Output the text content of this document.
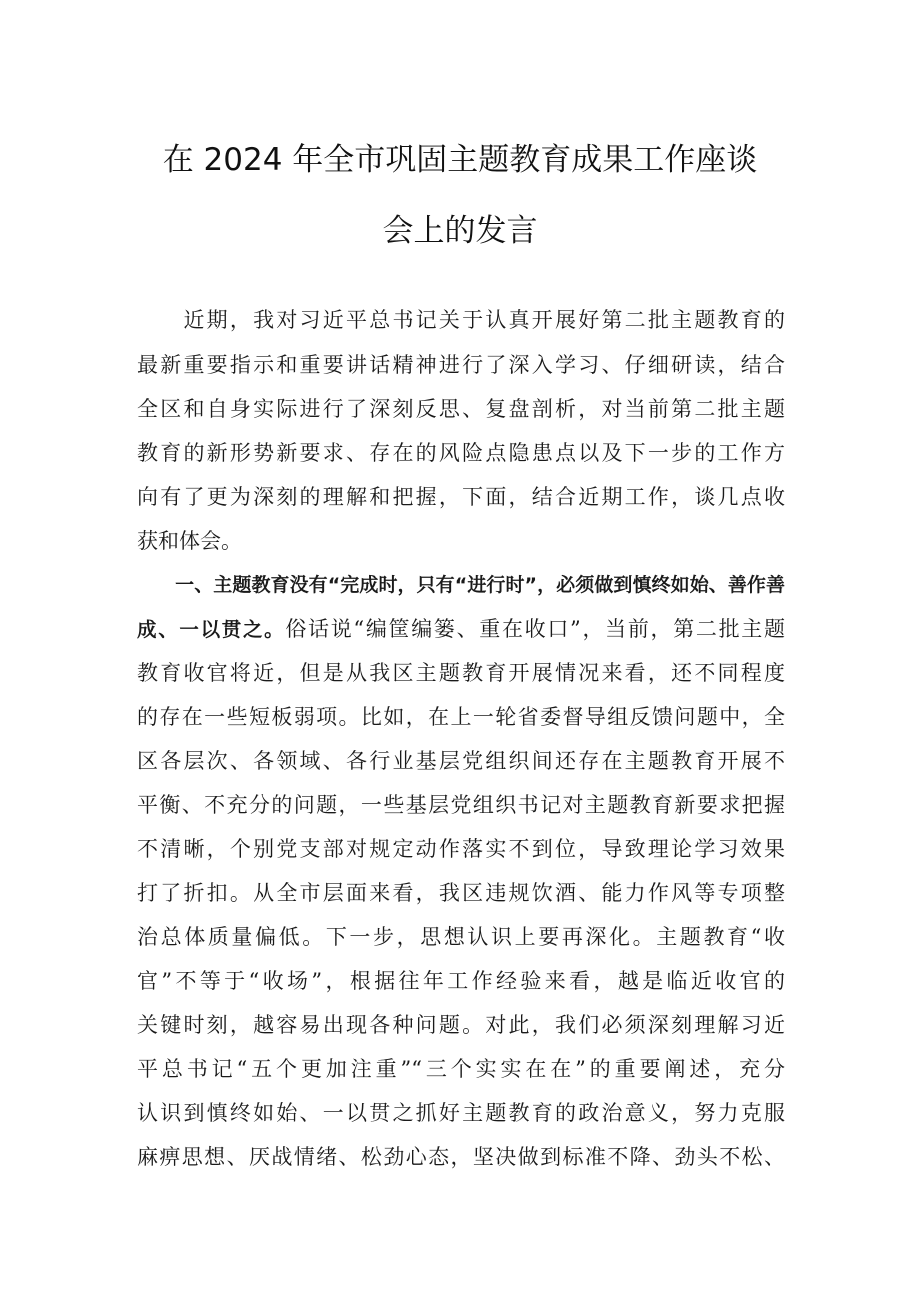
在 2024 年全市巩固主题教育成果工作座谈
会上的发言
　　近期，我对习近平总书记关于认真开展好第二批主题教育的
最新重要指示和重要讲话精神进行了深入学习、仔细研读，结合
全区和自身实际进行了深刻反思、复盘剖析，对当前第二批主题
教育的新形势新要求、存在的风险点隐患点以及下一步的工作方
向有了更为深刻的理解和把握，下面，结合近期工作，谈几点收
获和体会。
　　一、主题教育没有“完成时，只有“进行时”，必须做到慎终如始、善作善
成、一以贯之。俗话说“编筐编篓、重在收口”，当前，第二批主题
教育收官将近，但是从我区主题教育开展情况来看，还不同程度
的存在一些短板弱项。比如，在上一轮省委督导组反馈问题中，全
区各层次、各领域、各行业基层党组织间还存在主题教育开展不
平衡、不充分的问题，一些基层党组织书记对主题教育新要求把握
不清晰，个别党支部对规定动作落实不到位，导致理论学习效果
打了折扣。从全市层面来看，我区违规饮酒、能力作风等专项整
治总体质量偏低。下一步，思想认识上要再深化。主题教育“收
官”不等于“收场”，根据往年工作经验来看，越是临近收官的
关键时刻，越容易出现各种问题。对此，我们必须深刻理解习近
平总书记“五个更加注重”“三个实实在在”的重要阐述，充分
认识到慎终如始、一以贯之抓好主题教育的政治意义，努力克服
麻痹思想、厌战情绪、松劲心态，坚决做到标准不降、劲头不松、
